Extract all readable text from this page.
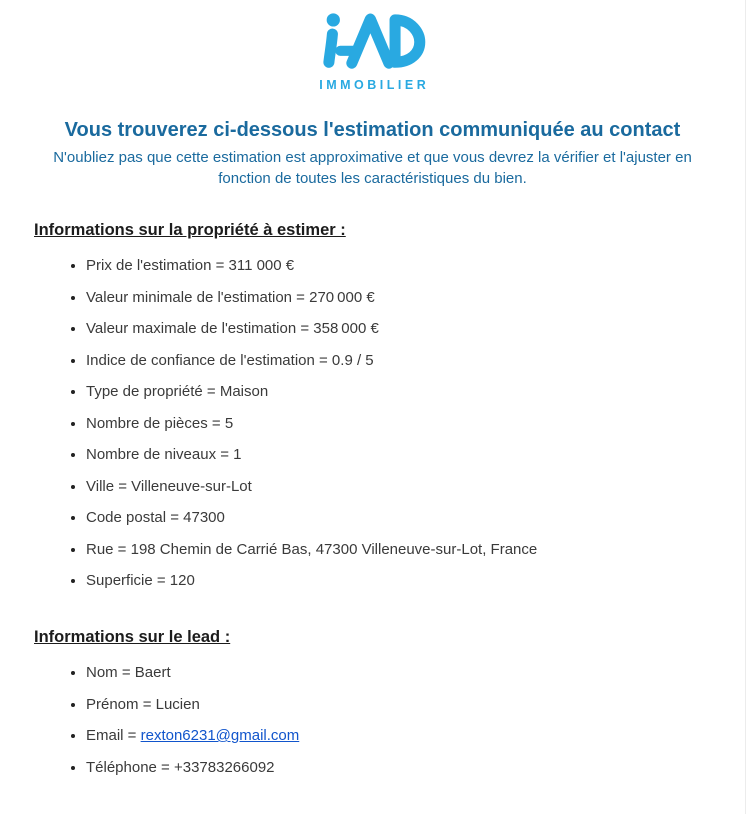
IMMOBILIER
Vous trouverez ci-dessous l'estimation communiquée au contact
N'oubliez pas que cette estimation est approximative et que vous devrez la vérifier et l'ajuster en fonction de toutes les caractéristiques du bien.
Informations sur la propriété à estimer :
• Prix de l'estimation = 311 000 €
• Valeur minimale de l'estimation = 270 000 €
• Valeur maximale de l'estimation = 358 000 €
• Indice de confiance de l'estimation = 0.9 / 5
• Type de propriété = Maison
• Nombre de pièces = 5
• Nombre de niveaux = 1
• Ville = Villeneuve-sur-Lot
• Code postal = 47300
• Rue = 198 Chemin de Carrié Bas, 47300 Villeneuve-sur-Lot, France
• Superficie = 120
Informations sur le lead :
• Nom = Baert
• Prénom = Lucien
• Email = rexton6231@gmail.com
• Téléphone = +33783266092
